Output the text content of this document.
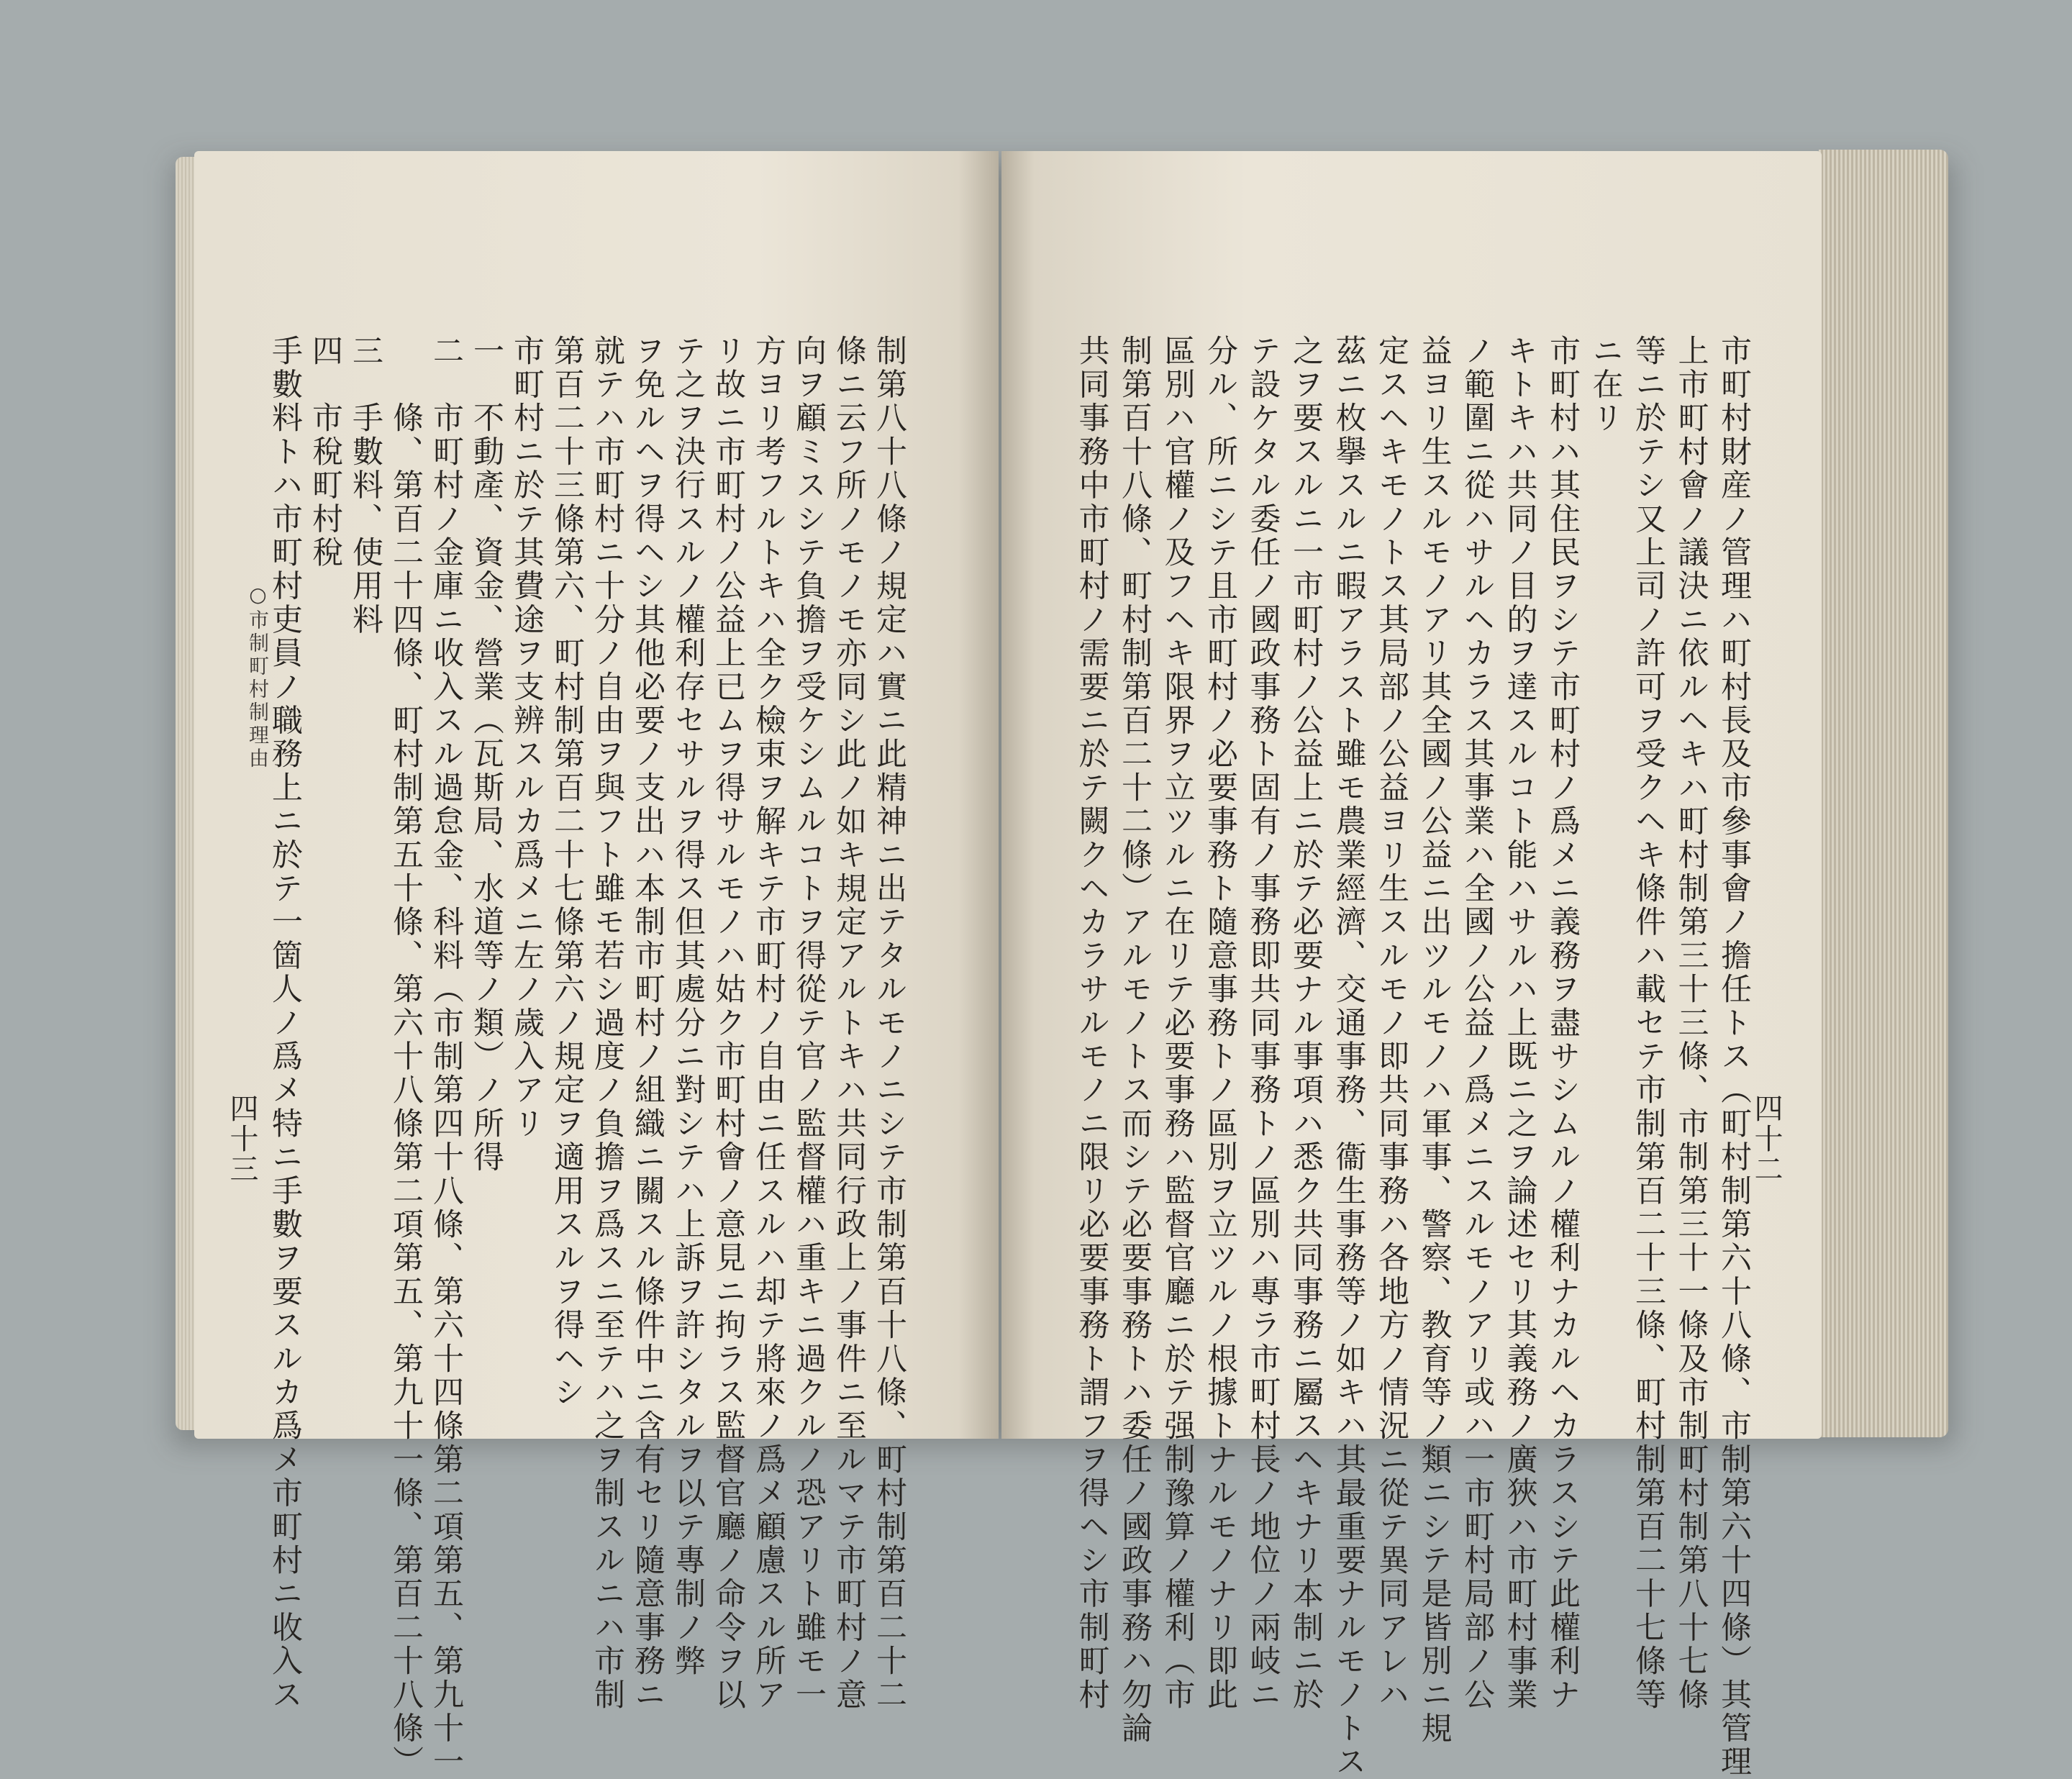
制第八十八條ノ規定ハ實ニ此精神ニ出テタルモノニシテ市制第百十八條、町村制第百二十二
條ニ云フ所ノモノモ亦同シ此ノ如キ規定アルトキハ共同行政上ノ事件ニ至ルマテ市町村ノ意
向ヲ顧ミスシテ負擔ヲ受ケシムルコトヲ得從テ官ノ監督權ハ重キニ過クルノ恐アリト雖モ一
方ヨリ考フルトキハ全ク檢束ヲ解キテ市町村ノ自由ニ任スルハ却テ將來ノ爲メ顧慮スル所ア
リ故ニ市町村ノ公益上已ムヲ得サルモノハ姑ク市町村會ノ意見ニ拘ラス監督官廳ノ命令ヲ以
テ之ヲ決行スルノ權利存セサルヲ得ス但其處分ニ對シテハ上訴ヲ許シタルヲ以テ專制ノ弊
ヲ免ルヘヲ得ヘシ其他必要ノ支出ハ本制市町村ノ組織ニ關スル條件中ニ含有セリ隨意事務ニ
就テハ市町村ニ十分ノ自由ヲ與フト雖モ若シ過度ノ負擔ヲ爲スニ至テハ之ヲ制スルニハ市制
第百二十三條第六、町村制第百二十七條第六ノ規定ヲ適用スルヲ得ヘシ
市町村ニ於テ其費途ヲ支辨スルカ爲メニ左ノ歲入アリ
一　不動產、資金、營業（瓦斯局、水道等ノ類）ノ所得
二　市町村ノ金庫ニ收入スル過怠金、科料（市制第四十八條、第六十四條第二項第五、第九十一
　　條、第百二十四條、町村制第五十條、第六十八條第二項第五、第九十一條、第百二十八條）
三　手數料、使用料
四　市稅町村稅
手數料トハ市町村吏員ノ職務上ニ於テ一箇人ノ爲メ特ニ手數ヲ要スルカ爲メ市町村ニ收入ス
○市制町村制理由
四十三	四十二
市町村財産ノ管理ハ町村長及市參事會ノ擔任トス（町村制第六十八條、市制第六十四條）其管理
上市町村會ノ議決ニ依ルヘキハ町村制第三十三條、市制第三十一條及市制町村制第八十七條
等ニ於テシ又上司ノ許可ヲ受クヘキ條件ハ載セテ市制第百二十三條、町村制第百二十七條等
ニ在リ
市町村ハ其住民ヲシテ市町村ノ爲メニ義務ヲ盡サシムルノ權利ナカルヘカラスシテ此權利ナ
キトキハ共同ノ目的ヲ達スルコト能ハサルハ上既ニ之ヲ論述セリ其義務ノ廣狹ハ市町村事業
ノ範圍ニ從ハサルヘカラス其事業ハ全國ノ公益ノ爲メニスルモノアリ或ハ一市町村局部ノ公
益ヨリ生スルモノアリ其全國ノ公益ニ出ツルモノハ軍事、警察、教育等ノ類ニシテ是皆別ニ規
定スヘキモノトス其局部ノ公益ヨリ生スルモノ即共同事務ハ各地方ノ情況ニ從テ異同アレハ
茲ニ枚擧スルニ暇アラスト雖モ農業經濟、交通事務、衞生事務等ノ如キハ其最重要ナルモノトス
之ヲ要スルニ一市町村ノ公益上ニ於テ必要ナル事項ハ悉ク共同事務ニ屬スヘキナリ本制ニ於
テ設ケタル委任ノ國政事務ト固有ノ事務即共同事務トノ區別ハ專ラ市町村長ノ地位ノ兩岐ニ
分ル、所ニシテ且市町村ノ必要事務ト隨意事務トノ區別ヲ立ツルノ根據トナルモノナリ即此
區別ハ官權ノ及フヘキ限界ヲ立ツルニ在リテ必要事務ハ監督官廳ニ於テ强制豫算ノ權利（市
制第百十八條、町村制第百二十二條）アルモノトス而シテ必要事務トハ委任ノ國政事務ハ勿論
共同事務中市町村ノ需要ニ於テ闕クヘカラサルモノニ限リ必要事務ト謂フヲ得ヘシ市制町村
